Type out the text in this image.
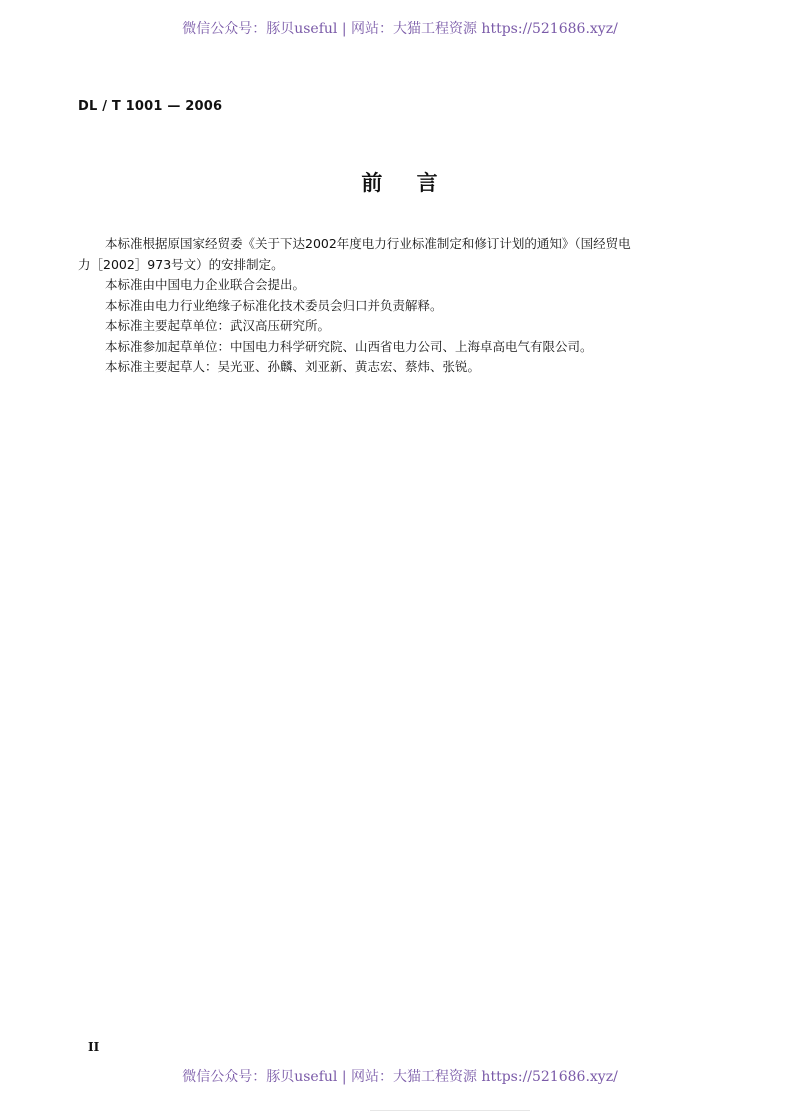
微信公众号：豚贝useful | 网站：大猫工程资源 https://521686.xyz/
DL / T 1001 — 2006
前    言

本标准根据原国家经贸委《关于下达2002年度电力行业标准制定和修订计划的通知》（国经贸电

力［2002］973号文）的安排制定。

本标准由中国电力企业联合会提出。

本标准由电力行业绝缘子标准化技术委员会归口并负责解释。

本标准主要起草单位：武汉高压研究所。

本标准参加起草单位：中国电力科学研究院、山西省电力公司、上海卓高电气有限公司。

本标准主要起草人：吴光亚、孙麟、刘亚新、黄志宏、蔡炜、张锐。

II
微信公众号：豚贝useful | 网站：大猫工程资源 https://521686.xyz/
